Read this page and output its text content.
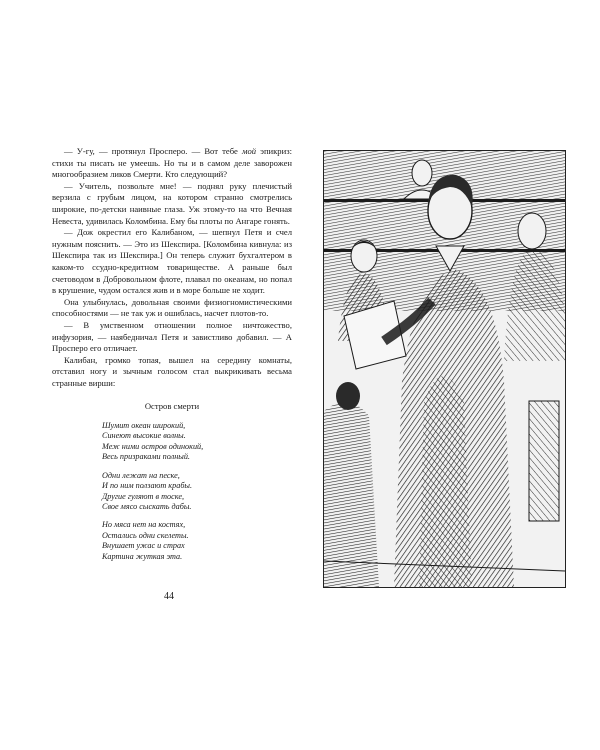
— У-гу, — протянул Просперо. — Вот тебе мой эпикриз: стихи ты писать не умеешь. Но ты и в самом деле заворожен многообразием ликов Смерти. Кто следующий?

— Учитель, позвольте мне! — поднял руку плечистый верзила с грубым лицом, на котором странно смотрелись широкие, по-детски наивные глаза. Уж этому-то на что Вечная Невеста, удивилась Коломбина. Ему бы плоты по Ангаре гонять.

— Дож окрестил его Калибаном, — шепнул Петя и счел нужным пояснить. — Это из Шекспира. [Коломбина кивнула: из Шекспира так из Шекспира.] Он теперь служит бухгалтером в каком-то ссудно-кредитном товариществе. А раньше был счетоводом в Добровольном флоте, плавал по океанам, но попал в крушение, чудом остался жив и в море больше не ходит.

Она улыбнулась, довольная своими физиогномистическими способностями — не так уж и ошиблась, насчет плотов-то.

— В умственном отношении полное ничтожество, инфузория, — наябедничал Петя и завистливо добавил. — А Просперо его отличает.

Калибан, громко топая, вышел на середину комнаты, отставил ногу и зычным голосом стал выкрикивать весьма странные вирши:

Остров смерти
Шумит океан широкий,
Синеют высокие волны.
Меж ними остров одинокий,
Весь призраками полный.
Одни лежат на песке,
И по ним ползают крабы.
Другие гуляют в тоске,
Свое мясо сыскать дабы.
Но мяса нет на костях,
Остались одни скелеты.
Внушает ужас и страх
Картина жуткая эта.
44
